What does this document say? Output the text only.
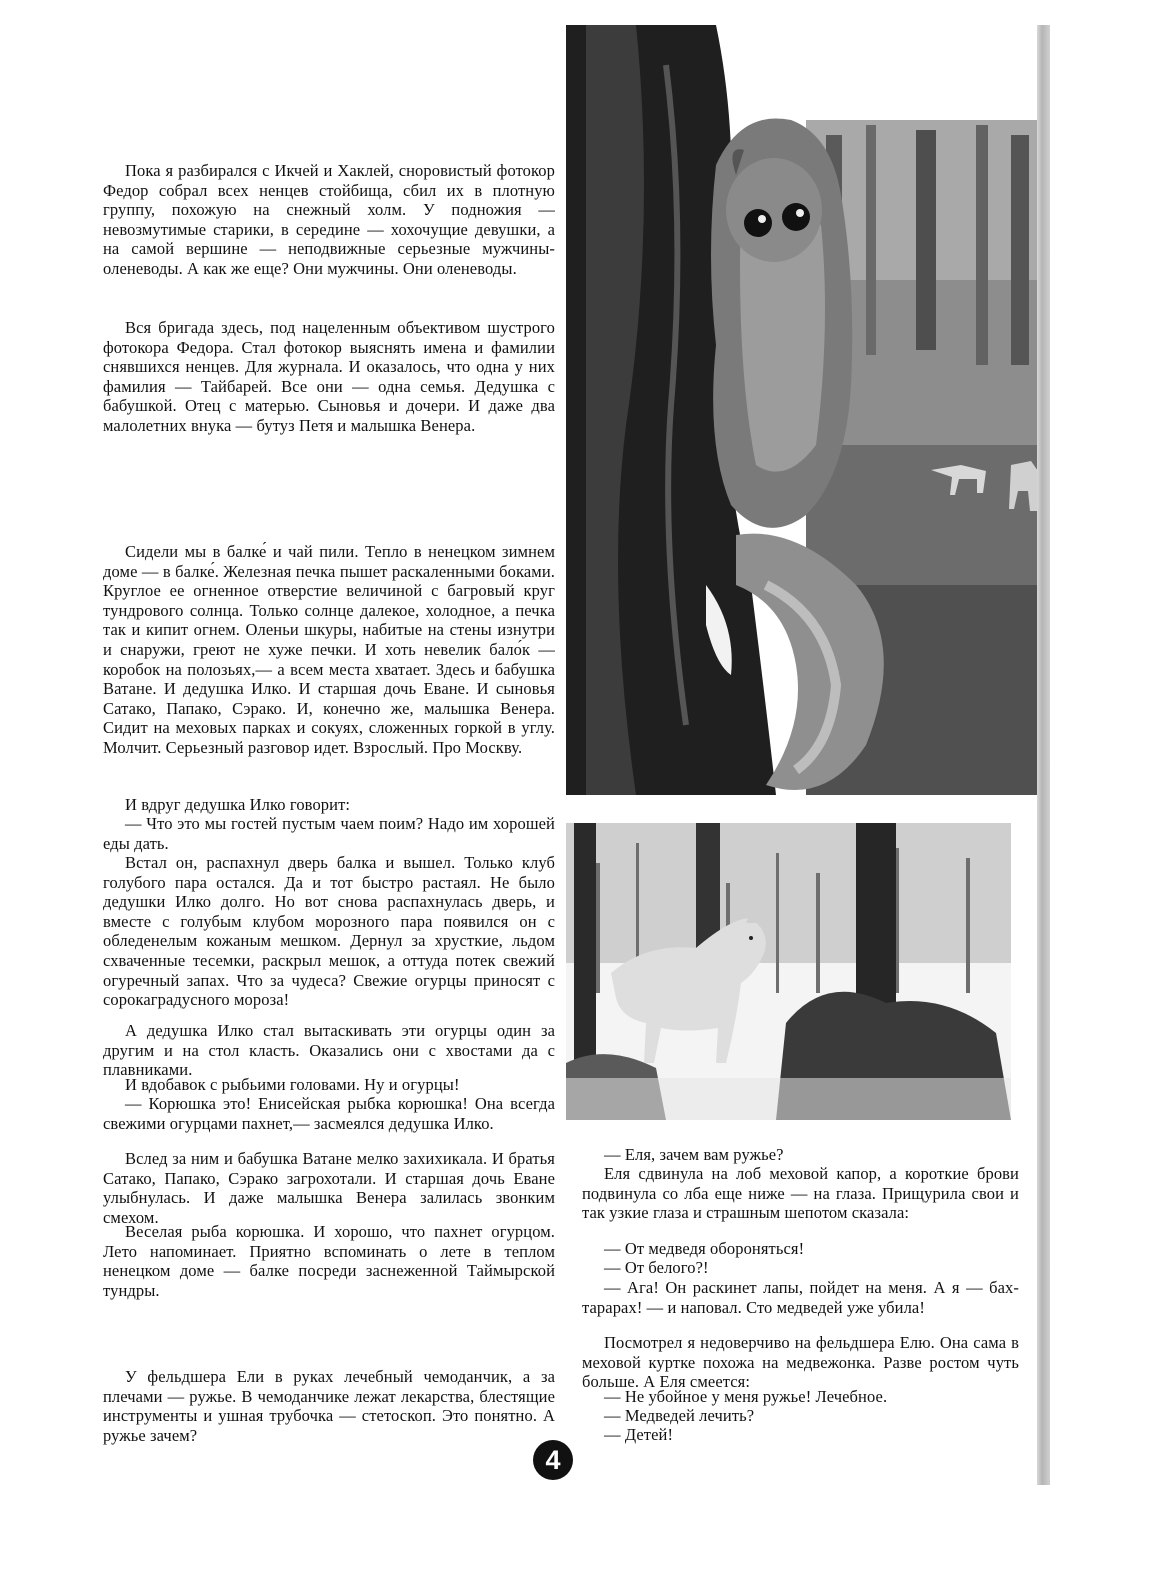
Пока я разбирался с Икчей и Хаклей, сноровистый фотокор Федор собрал всех ненцев стойбища, сбил их в плотную группу, похожую на снежный холм. У подножия — невозмутимые старики, в середине — хохочущие девушки, а на самой вершине — неподвижные серьезные мужчины-оленеводы. А как же еще? Они мужчины. Они оленеводы.

Вся бригада здесь, под нацеленным объективом шустрого фотокора Федора. Стал фотокор выяснять имена и фамилии снявшихся ненцев. Для журнала. И оказалось, что одна у них фамилия — Тайбарей. Все они — одна семья. Дедушка с бабушкой. Отец с матерью. Сыновья и дочери. И даже два малолетних внука — бутуз Петя и малышка Венера.

Сидели мы в балке́ и чай пили. Тепло в ненецком зимнем доме — в балке́. Железная печка пышет раскаленными боками. Круглое ее огненное отверстие величиной с багровый круг тундрового солнца. Только солнце далекое, холодное, а печка так и кипит огнем. Оленьи шкуры, набитые на стены изнутри и снаружи, греют не хуже печки. И хоть невелик бало́к — коробок на полозьях,— а всем места хватает. Здесь и бабушка Ватане. И дедушка Илко. И старшая дочь Еване. И сыновья Сатако, Папако, Сэрако. И, конечно же, малышка Венера. Сидит на меховых парках и сокуях, сложенных горкой в углу. Молчит. Серьезный разговор идет. Взрослый. Про Москву.

И вдруг дедушка Илко говорит:

— Что это мы гостей пустым чаем поим? Надо им хорошей еды дать.

Встал он, распахнул дверь балка и вышел. Только клуб голубого пара остался. Да и тот быстро растаял. Не было дедушки Илко долго. Но вот снова распахнулась дверь, и вместе с голубым клубом морозного пара появился он с обледенелым кожаным мешком. Дернул за хрусткие, льдом схваченные тесемки, раскрыл мешок, а оттуда потек свежий огуречный запах. Что за чудеса? Свежие огурцы приносят с сорокаградусного мороза!

А дедушка Илко стал вытаскивать эти огурцы один за другим и на стол класть. Оказались они с хвостами да с плавниками.

И вдобавок с рыбьими головами. Ну и огурцы!

— Корюшка это! Енисейская рыбка корюшка! Она всегда свежими огурцами пахнет,— засмеялся дедушка Илко.

Вслед за ним и бабушка Ватане мелко захихикала. И братья Сатако, Папако, Сэрако загрохотали. И старшая дочь Еване улыбнулась. И даже малышка Венера залилась звонким смехом.

Веселая рыба корюшка. И хорошо, что пахнет огурцом. Лето напоминает. Приятно вспоминать о лете в теплом ненецком доме — балке посреди заснеженной Таймырской тундры.

У фельдшера Ели в руках лечебный чемоданчик, а за плечами — ружье. В чемоданчике лежат лекарства, блестящие инструменты и ушная трубочка — стетоскоп. Это понятно. А ружье зачем?

— Еля, зачем вам ружье?

Еля сдвинула на лоб меховой капор, а короткие брови подвинула со лба еще ниже — на глаза. Прищурила свои и так узкие глаза и страшным шепотом сказала:

— От медведя обороняться!

— От белого?!

— Ага! Он раскинет лапы, пойдет на меня. А я — бах-тарарах! — и наповал. Сто медведей уже убила!

Посмотрел я недоверчиво на фельдшера Елю. Она сама в меховой куртке похожа на медвежонка. Разве ростом чуть больше. А Еля смеется:

— Не убойное у меня ружье! Лечебное.

— Медведей лечить?

— Детей!

4
